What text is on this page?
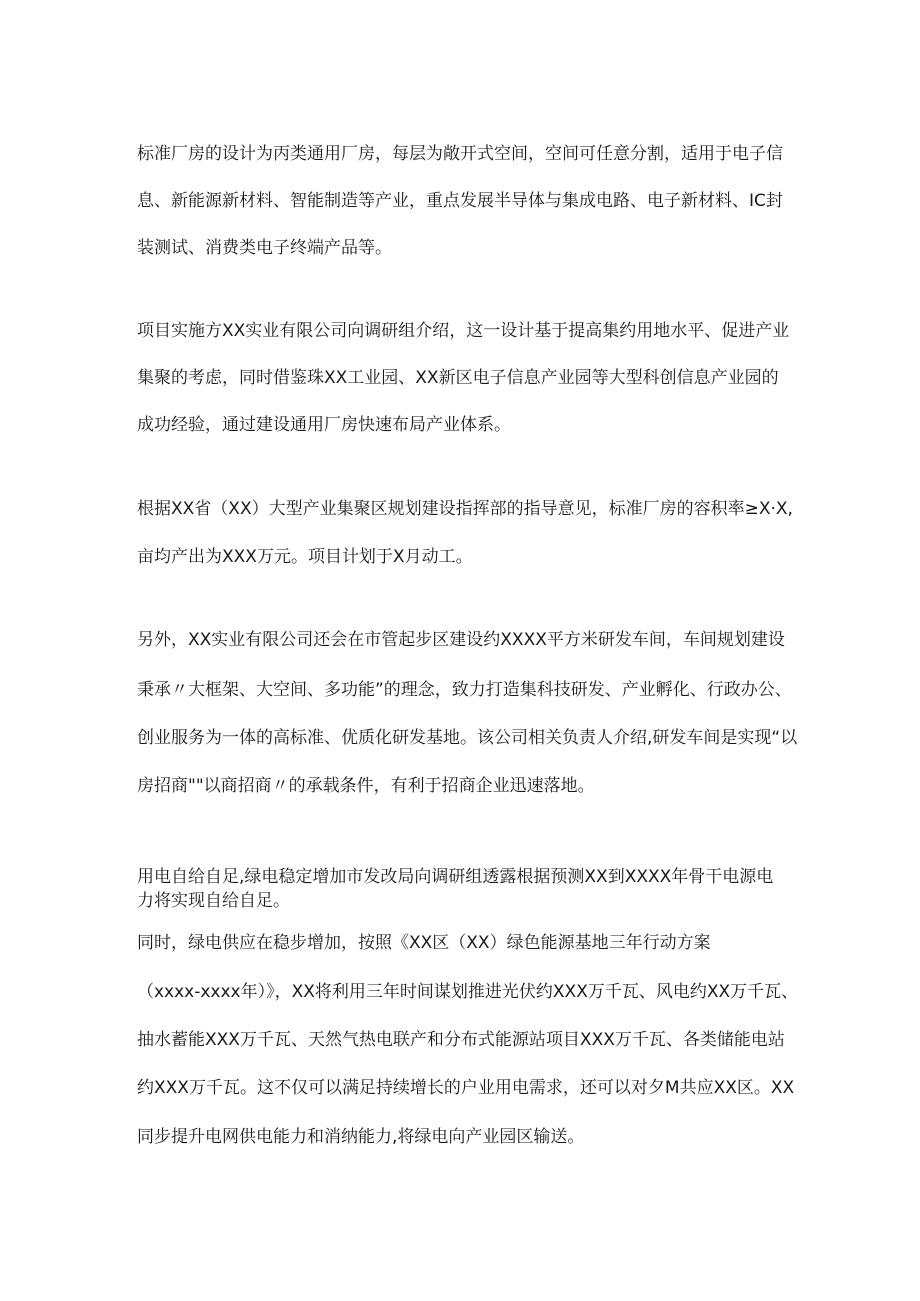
标准厂房的设计为丙类通用厂房，每层为敞开式空间，空间可任意分割，适用于电子信

息、新能源新材料、智能制造等产业，重点发展半导体与集成电路、电子新材料、IC封

装测试、消费类电子终端产品等。

项目实施方XX实业有限公司向调研组介绍，这一设计基于提高集约用地水平、促进产业

集聚的考虑，同时借鉴珠XX工业园、XX新区电子信息产业园等大型科创信息产业园的

成功经验，通过建设通用厂房快速布局产业体系。

根据XX省（XX）大型产业集聚区规划建设指挥部的指导意见，标准厂房的容积率≥X·X,

亩均产出为XXX万元。项目计划于X月动工。

另外，XX实业有限公司还会在市管起步区建设约XXXX平方米研发车间，车间规划建设

秉承〃大框架、大空间、多功能”的理念，致力打造集科技研发、产业孵化、行政办公、

创业服务为一体的高标准、优质化研发基地。该公司相关负责人介绍,研发车间是实现“以

房招商""以商招商〃的承载条件，有利于招商企业迅速落地。

用电自给自足,绿电稳定增加市发改局向调研组透露根据预测XX到XXXX年骨干电源电

力将实现自给自足。

同时，绿电供应在稳步增加，按照《XX区（XX）绿色能源基地三年行动方案

（xxxx-xxxx年）》，XX将利用三年时间谋划推进光伏约XXX万千瓦、风电约XX万千瓦、

抽水蓄能XXX万千瓦、天然气热电联产和分布式能源站项目XXX万千瓦、各类储能电站

约XXX万千瓦。这不仅可以满足持续增长的户业用电需求，还可以对夕M共应XX区。XX

同步提升电网供电能力和消纳能力,将绿电向产业园区输送。
